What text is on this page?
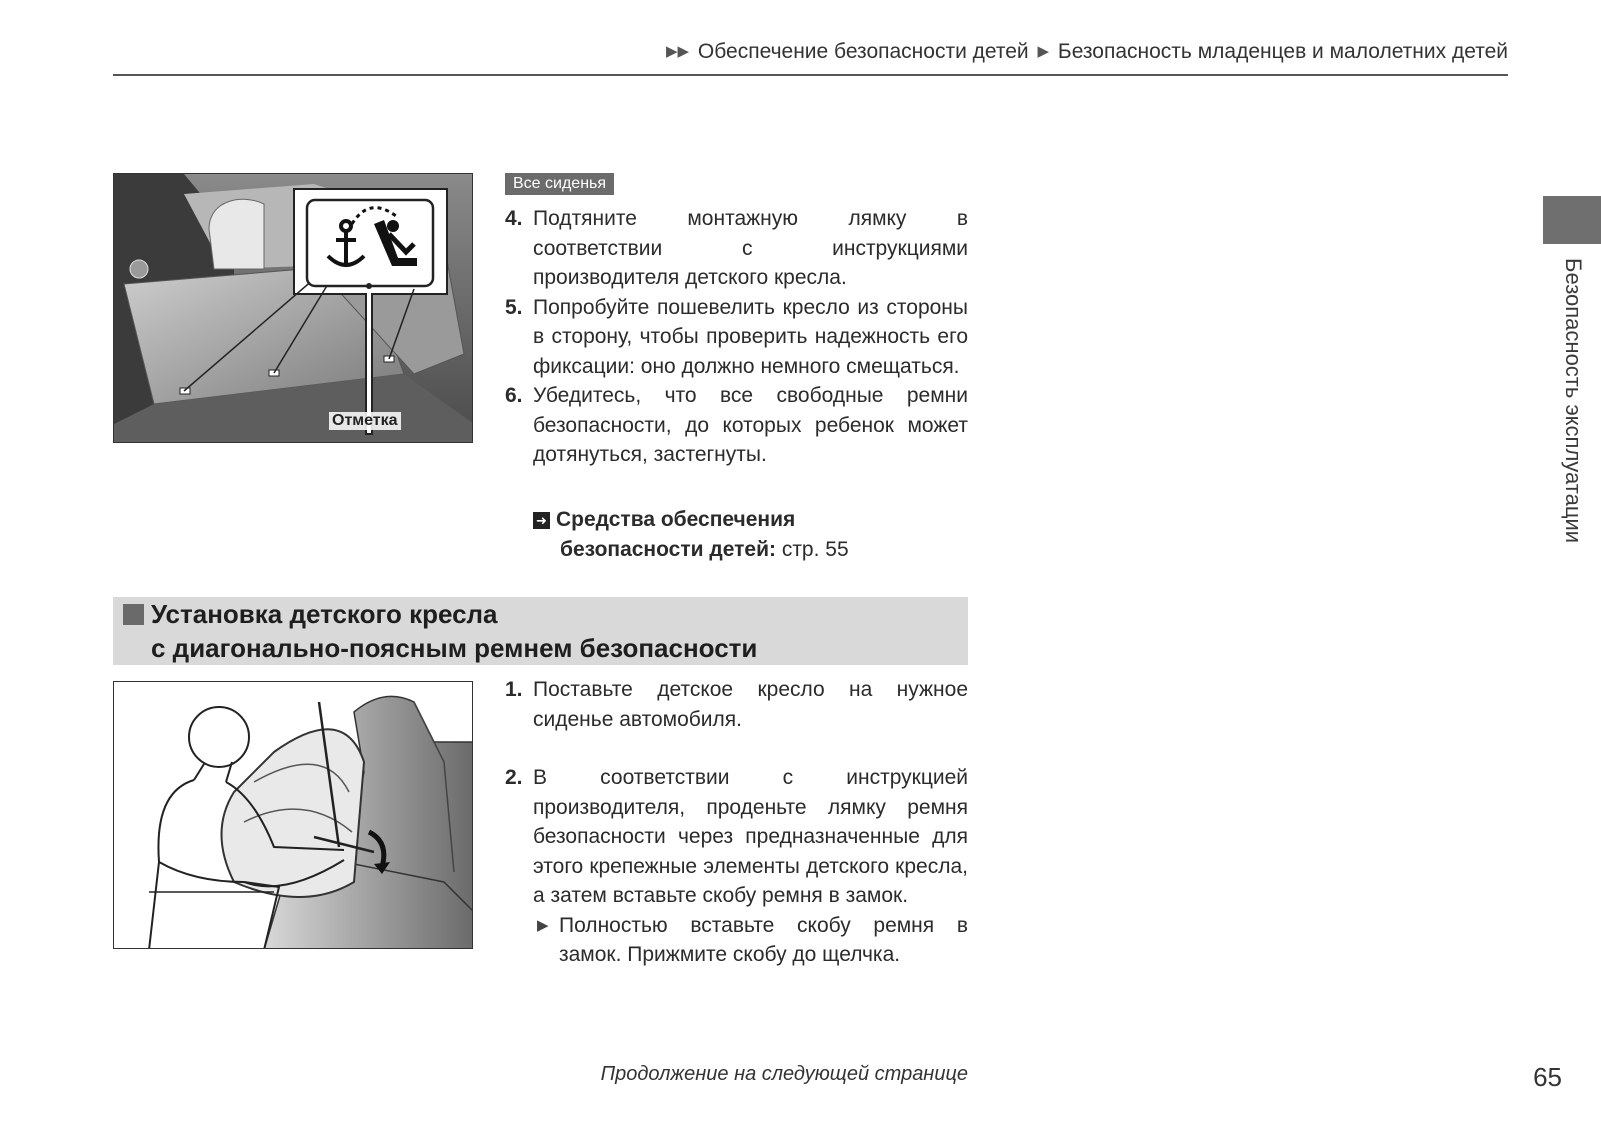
▶▶ Обеспечение безопасности детей ▶ Безопасность младенцев и малолетних детей
Безопасность эксплуатации
Отметка
Все сиденья
4. Подтяните монтажную лямку в соответствии с инструкциями производителя детского кресла.
5. Попробуйте пошевелить кресло из стороны в сторону, чтобы проверить надежность его фиксации: оно должно немного смещаться.
6. Убедитесь, что все свободные ремни безопасности, до которых ребенок может дотянуться, застегнуты.
➜ Средства обеспечения
безопасности детей: стр. 55
Установка детского кресла
с диагонально-поясным ремнем безопасности
1. Поставьте детское кресло на нужное сиденье автомобиля.
2. В соответствии с инструкцией производителя, проденьте лямку ремня безопасности через предназначенные для этого крепежные элементы детского кресла, а затем вставьте скобу ремня в замок.
▶ Полностью вставьте скобу ремня в замок. Прижмите скобу до щелчка.
Продолжение на следующей странице	65
